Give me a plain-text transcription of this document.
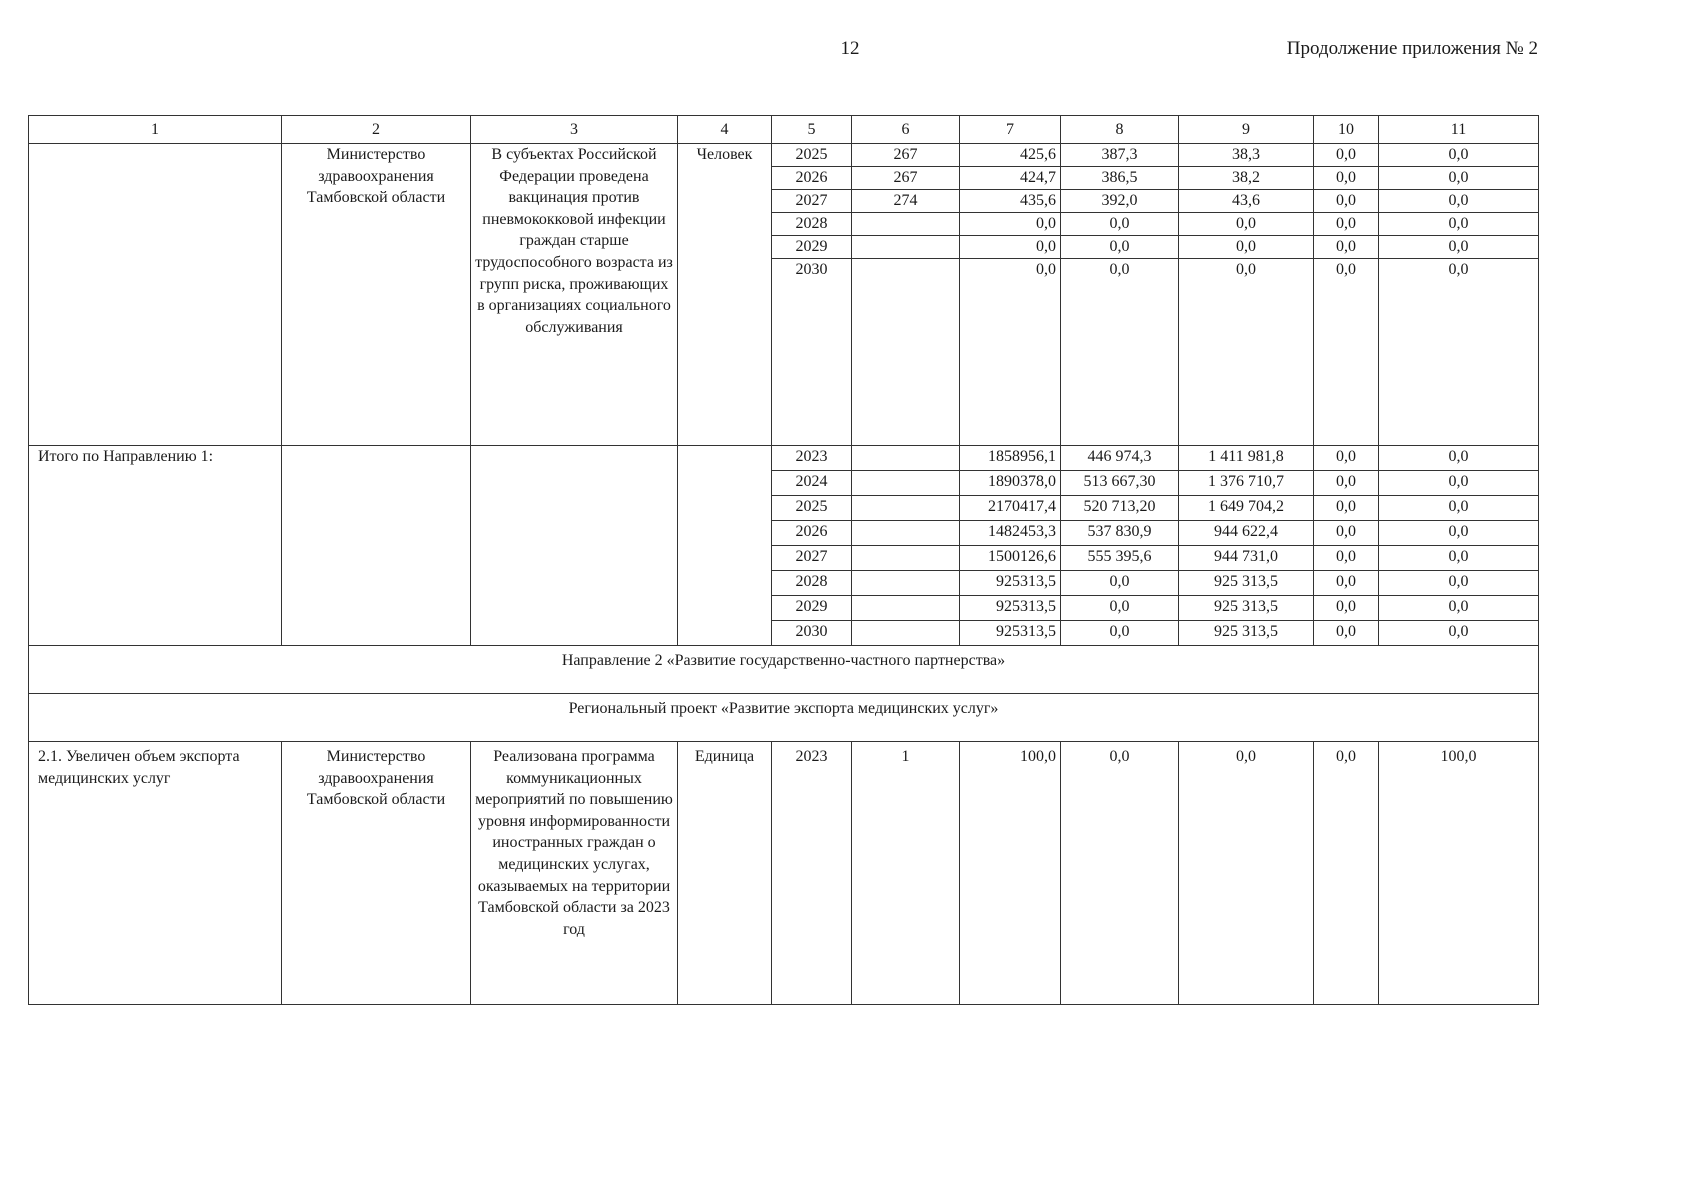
12	Продолжение приложения № 2
1	2	3	4	5	6	7	8	9	10	11
	Министерство здравоохранения Тамбовской области	В субъектах Российской Федерации проведена вакцинация против пневмококковой инфекции граждан старше трудоспособного возраста из групп риска, проживающих в организациях социального обслуживания	Человек	2025	267	425,6	387,3	38,3	0,0	0,0
				2026	267	424,7	386,5	38,2	0,0	0,0
				2027	274	435,6	392,0	43,6	0,0	0,0
				2028		0,0	0,0	0,0	0,0	0,0
				2029		0,0	0,0	0,0	0,0	0,0
				2030		0,0	0,0	0,0	0,0	0,0
Итого по Направлению 1:				2023		1858956,1	446 974,3	1 411 981,8	0,0	0,0
				2024		1890378,0	513 667,30	1 376 710,7	0,0	0,0
				2025		2170417,4	520 713,20	1 649 704,2	0,0	0,0
				2026		1482453,3	537 830,9	944 622,4	0,0	0,0
				2027		1500126,6	555 395,6	944 731,0	0,0	0,0
				2028		925313,5	0,0	925 313,5	0,0	0,0
				2029		925313,5	0,0	925 313,5	0,0	0,0
				2030		925313,5	0,0	925 313,5	0,0	0,0
Направление 2 «Развитие государственно-частного партнерства»										
Региональный проект «Развитие экспорта медицинских услуг»										
2.1. Увеличен объем экспорта медицинских услуг	Министерство здравоохранения Тамбовской области	Реализована программа коммуникационных мероприятий по повышению уровня информированности иностранных граждан о медицинских услугах, оказываемых на территории Тамбовской области за 2023 год	Единица	2023	1	100,0	0,0	0,0	0,0	100,0
